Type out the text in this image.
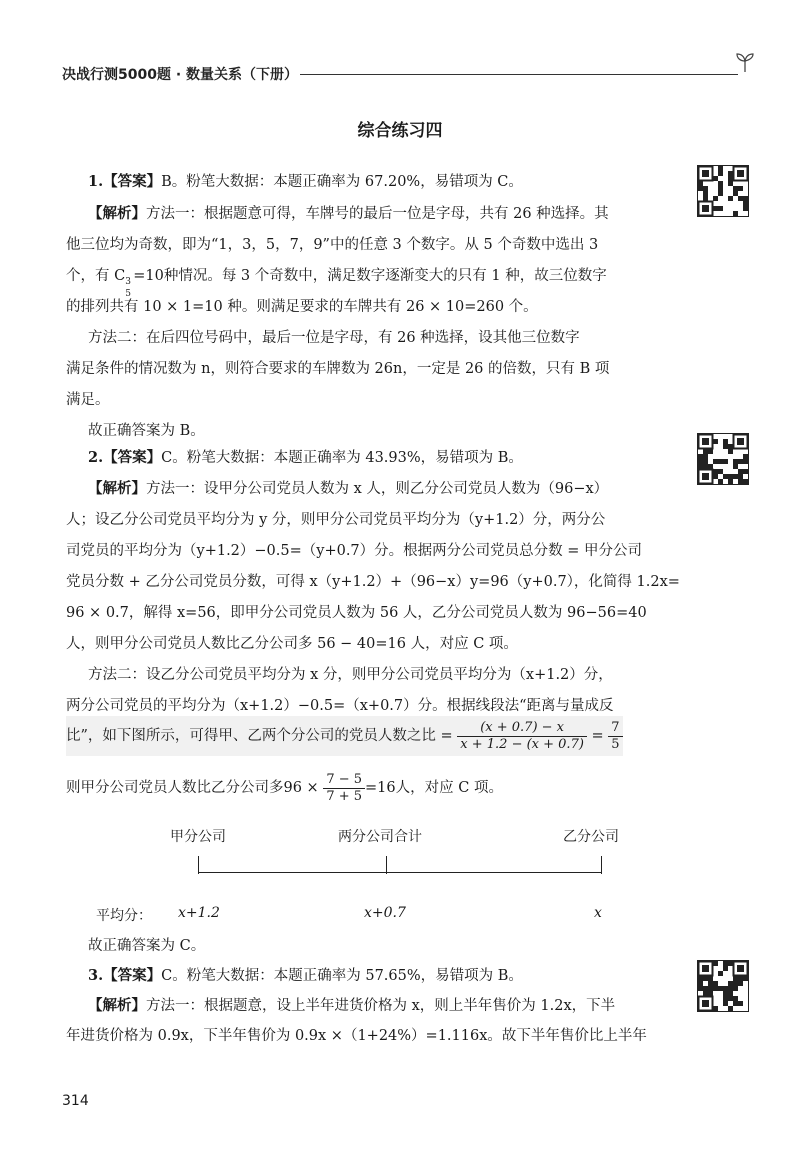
决战行测5000题 · 数量关系（下册）
综合练习四
1.【答案】B。粉笔大数据：本题正确率为 67.20%，易错项为 C。
【解析】方法一：根据题意可得，车牌号的最后一位是字母，共有 26 种选择。其
他三位均为奇数，即为“1，3，5，7，9”中的任意 3 个数字。从 5 个奇数中选出 3
个，有 C 3
5
=10种情况。每 3 个奇数中，满足数字逐渐变大的只有 1 种，故三位数字
的排列共有 10 × 1=10 种。则满足要求的车牌共有 26 × 10=260 个。
方法二：在后四位号码中，最后一位是字母，有 26 种选择，设其他三位数字
满足条件的情况数为 n，则符合要求的车牌数为 26n，一定是 26 的倍数，只有 B 项
满足。
故正确答案为 B。
2.【答案】C。粉笔大数据：本题正确率为 43.93%，易错项为 B。
【解析】方法一：设甲分公司党员人数为 x 人，则乙分公司党员人数为（96−x）
人；设乙分公司党员平均分为 y 分，则甲分公司党员平均分为（y+1.2）分，两分公
司党员的平均分为（y+1.2）−0.5=（y+0.7）分。根据两分公司党员总分数 = 甲分公司
党员分数 + 乙分公司党员分数，可得 x（y+1.2）+（96−x）y=96（y+0.7），化简得 1.2x=
96 × 0.7，解得 x=56，即甲分公司党员人数为 56 人，乙分公司党员人数为 96−56=40
人，则甲分公司党员人数比乙分公司多 56 − 40=16 人，对应 C 项。
方法二：设乙分公司党员平均分为 x 分，则甲分公司党员平均分为（x+1.2）分，
两分公司党员的平均分为（x+1.2）−0.5=（x+0.7）分。根据线段法“距离与量成反
比”，如下图所示，可得甲、乙两个分公司的党员人数之比 = $\frac{(x + 0.7) - x}{x + 1.2 - (x + 0.7)} = \frac{7}{5}$
则甲分公司党员人数比乙分公司多$96 \times \frac{7 - 5}{7 + 5} =16$人，对应 C 项。
甲分公司	两分公司合计	乙分公司
平均分： x+1.2	x+0.7	x
故正确答案为 C。
3.【答案】C。粉笔大数据：本题正确率为 57.65%，易错项为 B。
【解析】方法一：根据题意，设上半年进货价格为 x，则上半年售价为 1.2x，下半
年进货价格为 0.9x，下半年售价为 0.9x ×（1+24%）=1.116x。故下半年售价比上半年
314
